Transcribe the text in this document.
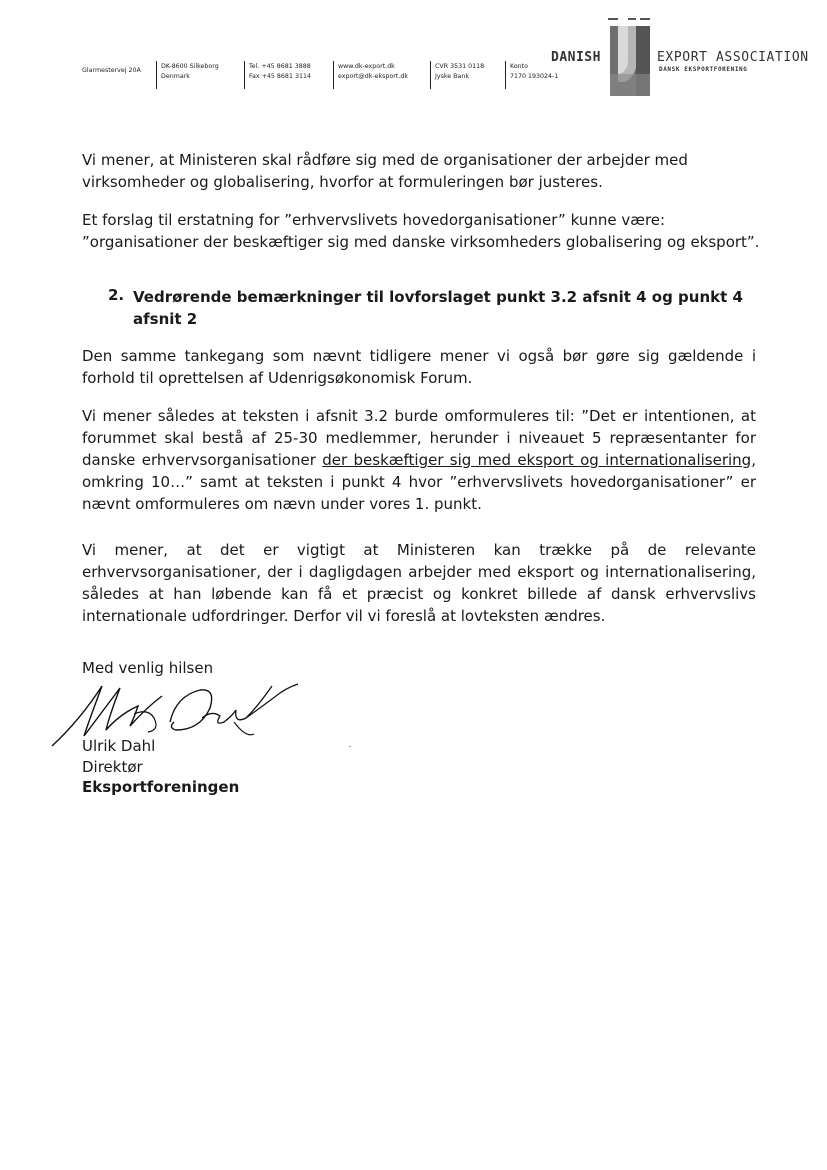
Glarmestervej 20A
DK-8600 Silkeborg
Denmark
Tel. +45 8681 3888
Fax +45 8681 3114
www.dk-export.dk
export@dk-eksport.dk
CVR 3531 0118
Jyske Bank
Konto
7170 193024-1
DANISH	EXPORT ASSOCIATION
DANSK EKSPORTFORENING

Vi mener, at Ministeren skal rådføre sig med de organisationer der arbejder med virksomheder og globalisering, hvorfor at formuleringen bør justeres.

Et forslag til erstatning for ”erhvervslivets hovedorganisationer” kunne være:

”organisationer der beskæftiger sig med danske virksomheders globalisering og eksport”.

2. Vedrørende bemærkninger til lovforslaget punkt 3.2 afsnit 4 og punkt 4 afsnit 2

Den samme tankegang som nævnt tidligere mener vi også bør gøre sig gældende i forhold til oprettelsen af Udenrigsøkonomisk Forum.

Vi mener således at teksten i afsnit 3.2 burde omformuleres til: ”Det er intentionen, at forummet skal bestå af 25-30 medlemmer, herunder i niveauet 5 repræsentanter for danske erhvervsorganisationer der beskæftiger sig med eksport og internationalisering, omkring 10…” samt at teksten i punkt 4 hvor ”erhvervslivets hovedorganisationer” er nævnt omformuleres om nævn under vores 1. punkt.

Vi mener, at det er vigtigt at Ministeren kan trække på de relevante erhvervsorganisationer, der i dagligdagen arbejder med eksport og internationalisering, således at han løbende kan få et præcist og konkret billede af dansk erhvervslivs internationale udfordringer. Derfor vil vi foreslå at lovteksten ændres.

Med venlig hilsen
Ulrik Dahl
Direktør
Eksportforeningen
